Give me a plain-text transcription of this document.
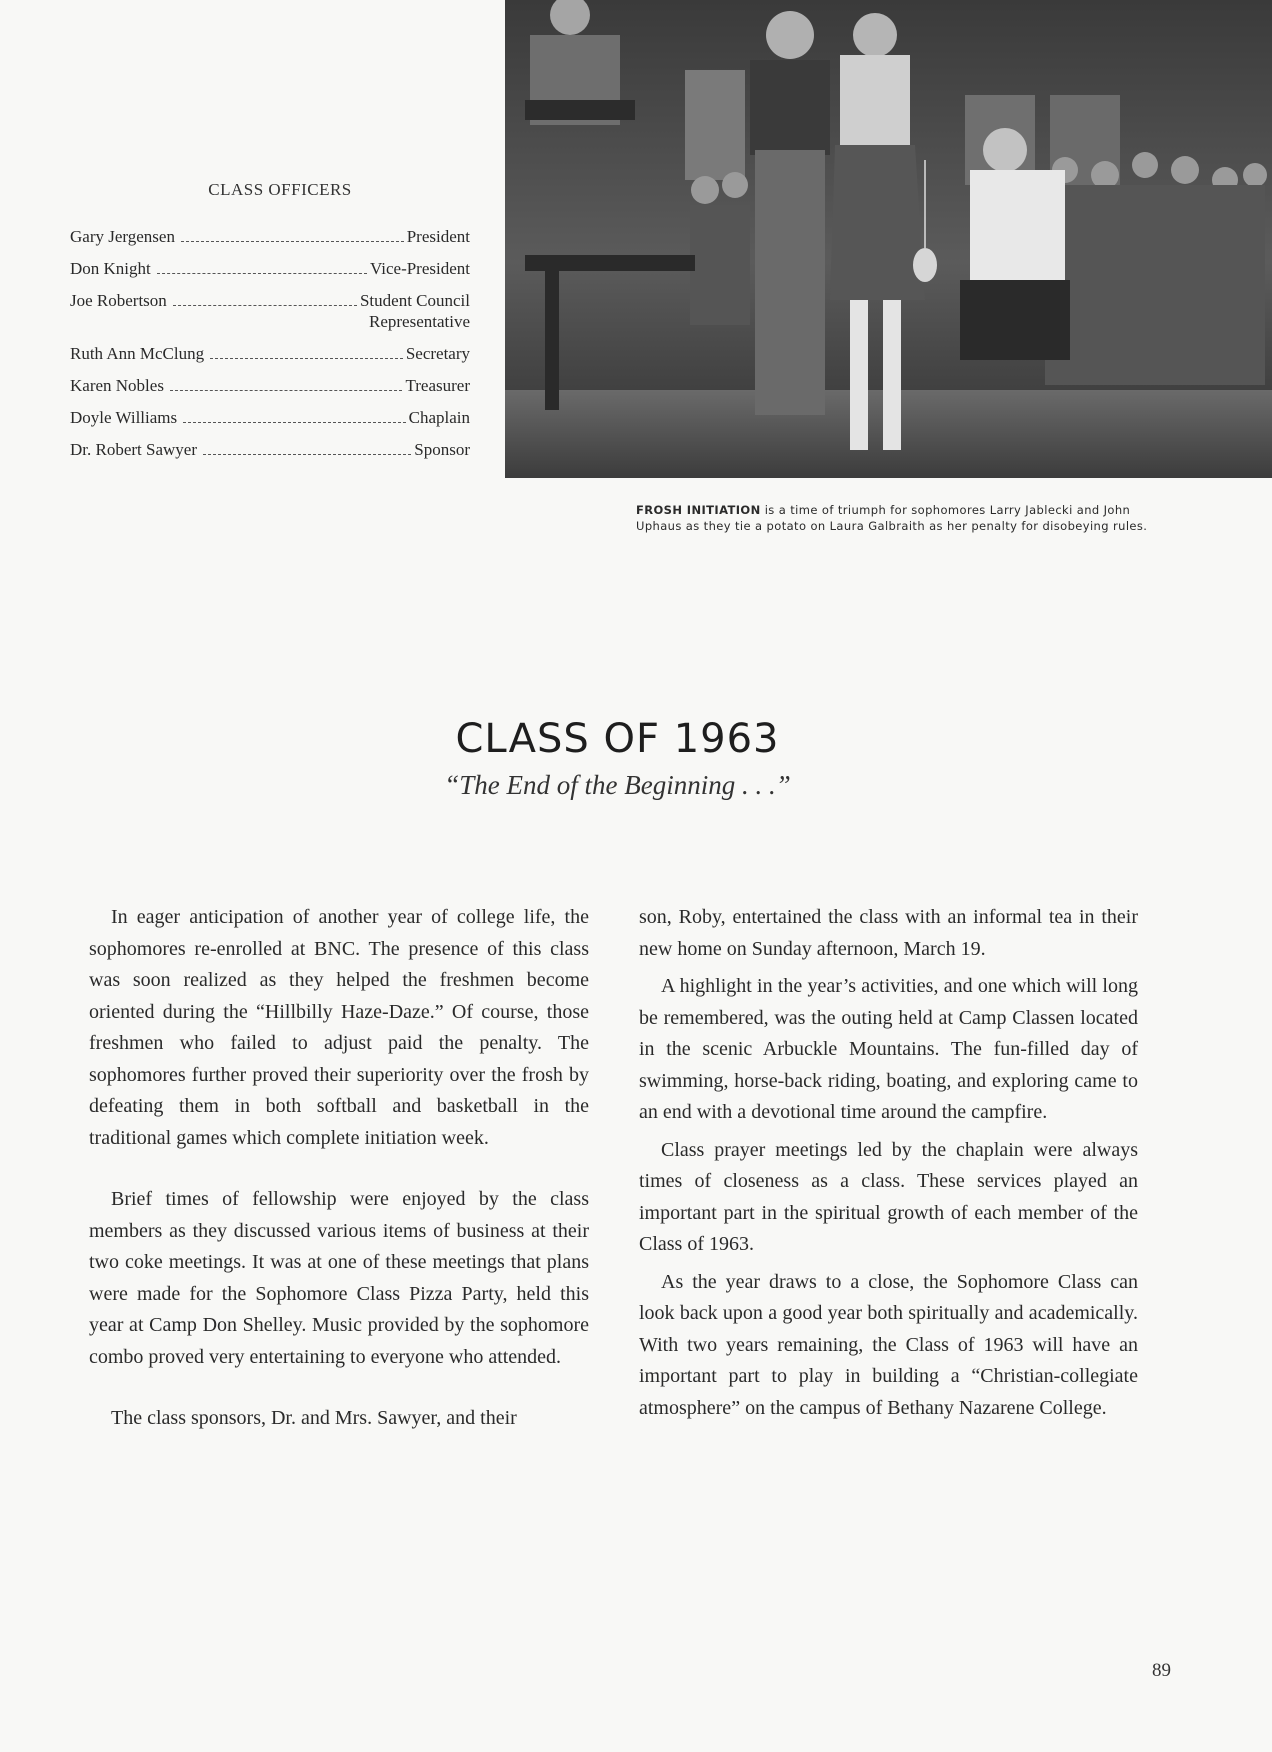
CLASS OFFICERS
Gary Jergensen	President
Don Knight	Vice-President
Joe Robertson	Student Council
Representative
Ruth Ann McClung	Secretary
Karen Nobles	Treasurer
Doyle Williams	Chaplain
Dr. Robert Sawyer	Sponsor
FROSH INITIATION is a time of triumph for sophomores Larry Jablecki and John Uphaus as they tie a potato on Laura Galbraith as her penalty for disobeying rules.
CLASS OF 1963
“The End of the Beginning . . .”

In eager anticipation of another year of college life, the sophomores re-enrolled at BNC. The presence of this class was soon realized as they helped the freshmen become oriented during the “Hillbilly Haze-Daze.” Of course, those freshmen who failed to adjust paid the penalty. The sophomores further proved their superiority over the frosh by defeating them in both softball and basketball in the traditional games which complete initiation week.

Brief times of fellowship were enjoyed by the class members as they discussed various items of business at their two coke meetings. It was at one of these meetings that plans were made for the Sophomore Class Pizza Party, held this year at Camp Don Shelley. Music provided by the sophomore combo proved very entertaining to everyone who attended.

The class sponsors, Dr. and Mrs. Sawyer, and their

son, Roby, entertained the class with an informal tea in their new home on Sunday afternoon, March 19.

A highlight in the year’s activities, and one which will long be remembered, was the outing held at Camp Classen located in the scenic Arbuckle Mountains. The fun-filled day of swimming, horse-back riding, boating, and exploring came to an end with a devotional time around the campfire.

Class prayer meetings led by the chaplain were always times of closeness as a class. These services played an important part in the spiritual growth of each member of the Class of 1963.

As the year draws to a close, the Sophomore Class can look back upon a good year both spiritually and academically. With two years remaining, the Class of 1963 will have an important part to play in building a “Christian-collegiate atmosphere” on the campus of Bethany Nazarene College.

89
